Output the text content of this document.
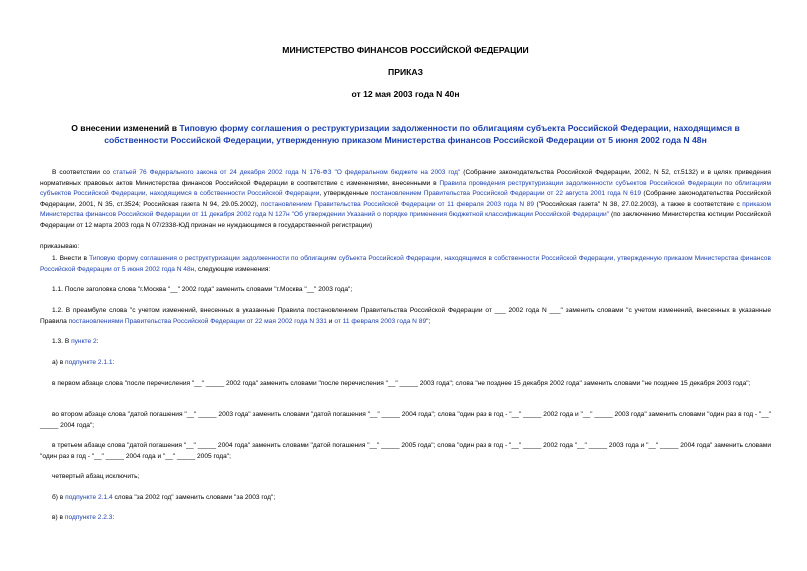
МИНИСТЕРСТВО ФИНАНСОВ РОССИЙСКОЙ ФЕДЕРАЦИИ
ПРИКАЗ
от 12 мая 2003 года N 40н
О внесении изменений в Типовую форму соглашения о реструктуризации задолженности по облигациям субъекта Российской Федерации, находящимся в собственности Российской Федерации, утвержденную приказом Министерства финансов Российской Федерации от 5 июня 2002 года N 48н
В соответствии со статьей 76 Федерального закона от 24 декабря 2002 года N 176-ФЗ "О федеральном бюджете на 2003 год" (Собрание законодательства Российской Федерации, 2002, N 52, ст.5132) и в целях приведения нормативных правовых актов Министерства финансов Российской Федерации в соответствие с изменениями, внесенными в Правила проведения реструктуризации задолженности субъектов Российской Федерации по облигациям субъектов Российской Федерации, находящимся в собственности Российской Федерации, утвержденные постановлением Правительства Российской Федерации от 22 августа 2001 года N 619 (Собрание законодательства Российской Федерации, 2001, N 35, ст.3524; Российская газета N 94, 29.05.2002), постановлением Правительства Российской Федерации от 11 февраля 2003 года N 89 ("Российская газета" N 38, 27.02.2003), а также в соответствие с приказом Министерства финансов Российской Федерации от 11 декабря 2002 года N 127н "Об утверждении Указаний о порядке применения бюджетной классификации Российской Федерации" (по заключению Министерства юстиции Российской Федерации от 12 марта 2003 года N 07/2338-ЮД признан не нуждающимся в государственной регистрации)
приказываю:
1. Внести в Типовую форму соглашения о реструктуризации задолженности по облигациям субъекта Российской Федерации, находящимся в собственности Российской Федерации, утвержденную приказом Министерства финансов Российской Федерации от 5 июня 2002 года N 48н, следующие изменения:
1.1. После заголовка слова "г.Москва "__" 2002 года" заменить словами "г.Москва "__" 2003 года";
1.2. В преамбуле слова "с учетом изменений, внесенных в указанные Правила постановлением Правительства Российской Федерации от ___ 2002 года N ___" заменить словами "с учетом изменений, внесенных в указанные Правила постановлениями Правительства Российской Федерации от 22 мая 2002 года N 331 и от 11 февраля 2003 года N 89";
1.3. В пункте 2:
а) в подпункте 2.1.1:
в первом абзаце слова "после перечисления "__" _____ 2002 года" заменить словами "после перечисления "__" _____ 2003 года"; слова "не позднее 15 декабря 2002 года" заменить словами "не позднее 15 декабря 2003 года";
во втором абзаце слова "датой погашения "__" _____ 2003 года" заменить словами "датой погашения "__" _____ 2004 года"; слова "один раз в год - "__" _____ 2002 года и "__" _____ 2003 года" заменить словами "один раз в год - "__" _____ 2004 года";
в третьем абзаце слова "датой погашения "__" _____ 2004 года" заменить словами "датой погашения "__" _____ 2005 года"; слова "один раз в год - "__" _____ 2002 года "__" _____ 2003 года и "__" _____ 2004 года" заменить словами "один раз в год - "__" _____ 2004 года и "__" _____ 2005 года";
четвертый абзац исключить;
б) в подпункте 2.1.4 слова "за 2002 год" заменить словами "за 2003 год";
в) в подпункте 2.2.3:
